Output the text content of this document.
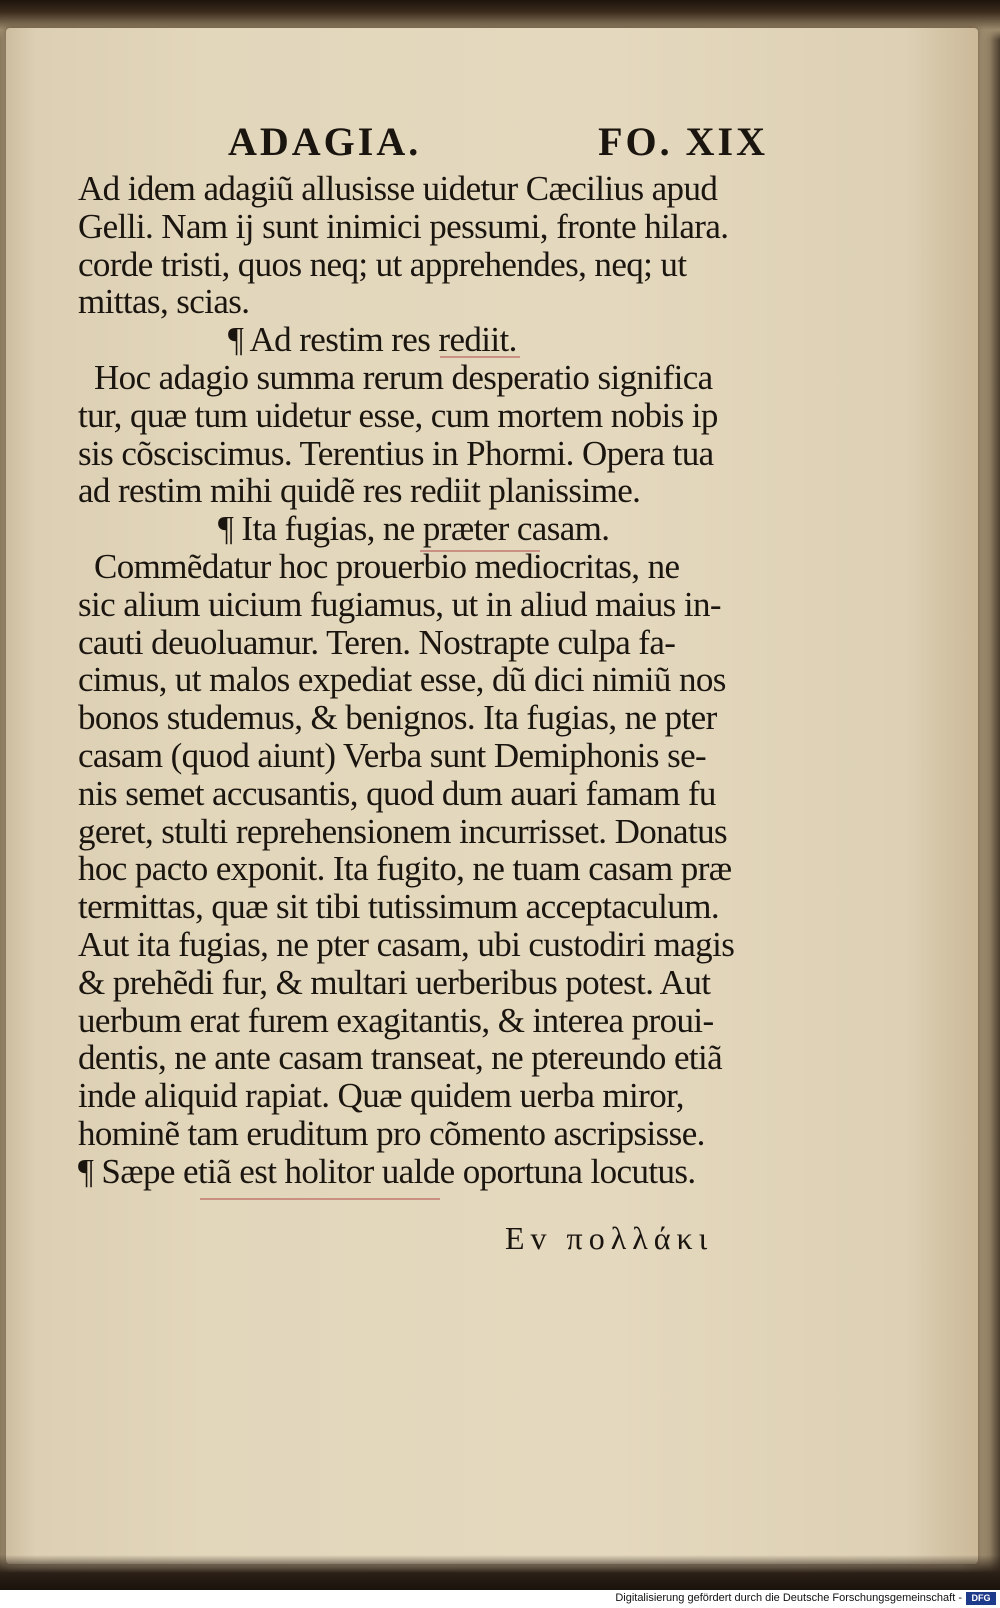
ADAGIA.	FO. XIX
Ad idem adagiũ allusisse uidetur Cæcilius apud
Gelli. Nam ij sunt inimici pessumi, fronte hilara.
corde tristi, quos neq; ut apprehendes, neq; ut
mittas, scias.
¶ Ad restim res rediit.
Hoc adagio summa rerum desperatio significa
tur, quæ tum uidetur esse, cum mortem nobis ip
sis cõsciscimus. Terentius in Phormi. Opera tua
ad restim mihi quidẽ res rediit planissime.
¶ Ita fugias, ne præter casam.
Commẽdatur hoc prouerbio mediocritas, ne
sic alium uicium fugiamus, ut in aliud maius in-
cauti deuoluamur. Teren. Nostrapte culpa fa-
cimus, ut malos expediat esse, dũ dici nimiũ nos
bonos studemus, & benignos. Ita fugias, ne pter
casam (quod aiunt) Verba sunt Demiphonis se-
nis semet accusantis, quod dum auari famam fu
geret, stulti reprehensionem incurrisset. Donatus
hoc pacto exponit. Ita fugito, ne tuam casam præ
termittas, quæ sit tibi tutissimum acceptaculum.
Aut ita fugias, ne pter casam, ubi custodiri magis
& prehẽdi fur, & multari uerberibus potest. Aut
uerbum erat furem exagitantis, & interea proui-
dentis, ne ante casam transeat, ne ptereundo etiã
inde aliquid rapiat. Quæ quidem uerba miror,
hominẽ tam eruditum pro cõmento ascripsisse.
¶ Sæpe etiã est holitor ualde oportuna locutus.
Ev πολλάκι
Digitalisierung gefördert durch die Deutsche Forschungsgemeinschaft -	DFG
